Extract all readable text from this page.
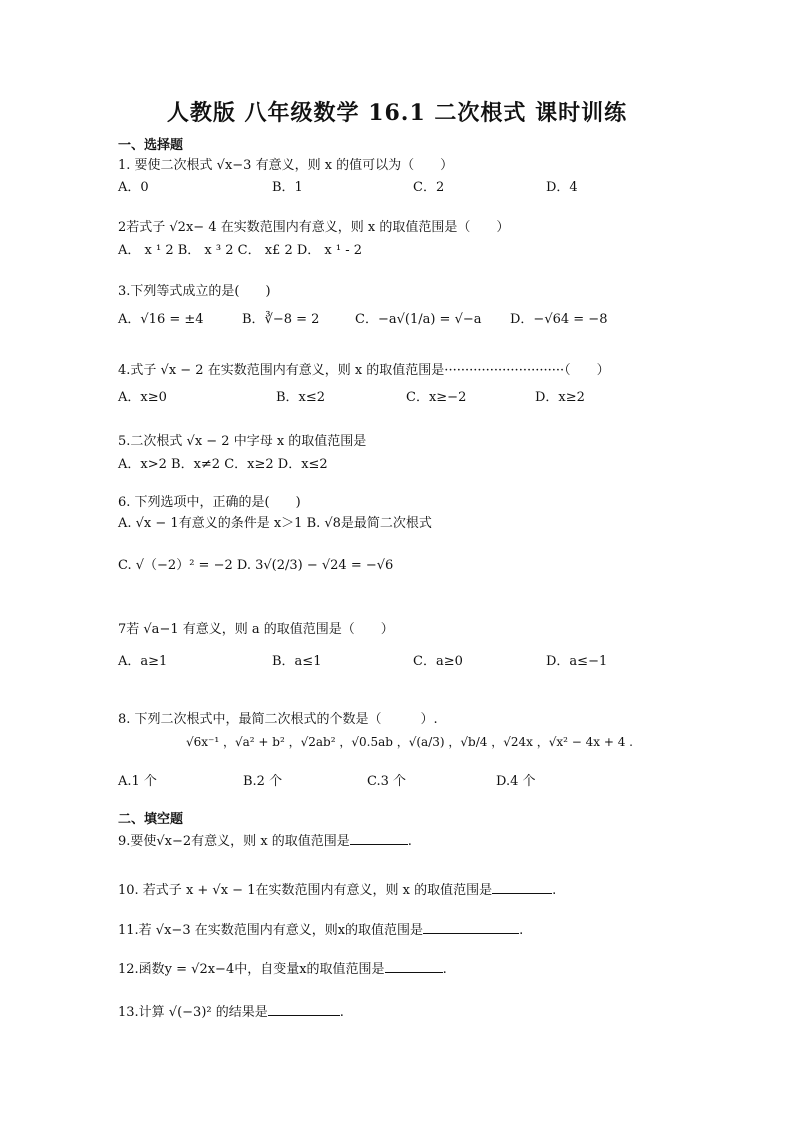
人教版 八年级数学 16.1 二次根式 课时训练
一、选择题
1. 要使二次根式 √x−3 有意义，则 x 的值可以为（　　）
A．0	B．1	C．2	D．4
2若式子 √2x− 4 在实数范围内有意义，则 x 的取值范围是（　　）
A． x ¹ 2 B． x ³ 2 C． x£ 2 D． x ¹ - 2
3.下列等式成立的是(　　)
A．√16 = ±4	B．∛−8 = 2	C．−a√(1/a) = √−a D．−√64 = −8
4.式子 √x − 2 在实数范围内有意义，则 x 的取值范围是·····························（　　）
A．x≥0	B．x≤2	C．x≥−2	D．x≥2
5.二次根式 √x − 2 中字母 x 的取值范围是
A．x>2 B．x≠2 C．x≥2 D．x≤2
6. 下列选项中，正确的是(　　)
A. √x − 1有意义的条件是 x＞1 B. √8是最简二次根式
C. √（−2）² = −2 D. 3√(2/3) − √24 = −√6
7若 √a−1 有意义，则 a 的取值范围是（　　）
A．a≥1	B．a≤1	C．a≥0	D．a≤−1
8. 下列二次根式中，最简二次根式的个数是（　　　）.
√6x⁻¹ ，√a² + b² ，√2ab² ，√0.5ab ，√(a/3) ，√b/4 ，√24x ，√x² − 4x + 4 .
A.1 个	B.2 个	C.3 个	D.4 个
二、填空题
9.要使√x−2有意义，则 x 的取值范围是	.
10. 若式子 x + √x − 1在实数范围内有意义，则 x 的取值范围是	.
11.若 √x−3 在实数范围内有意义，则x的取值范围是	.
12.函数y = √2x−4中，自变量x的取值范围是	.
13.计算 √(−3)² 的结果是	.
